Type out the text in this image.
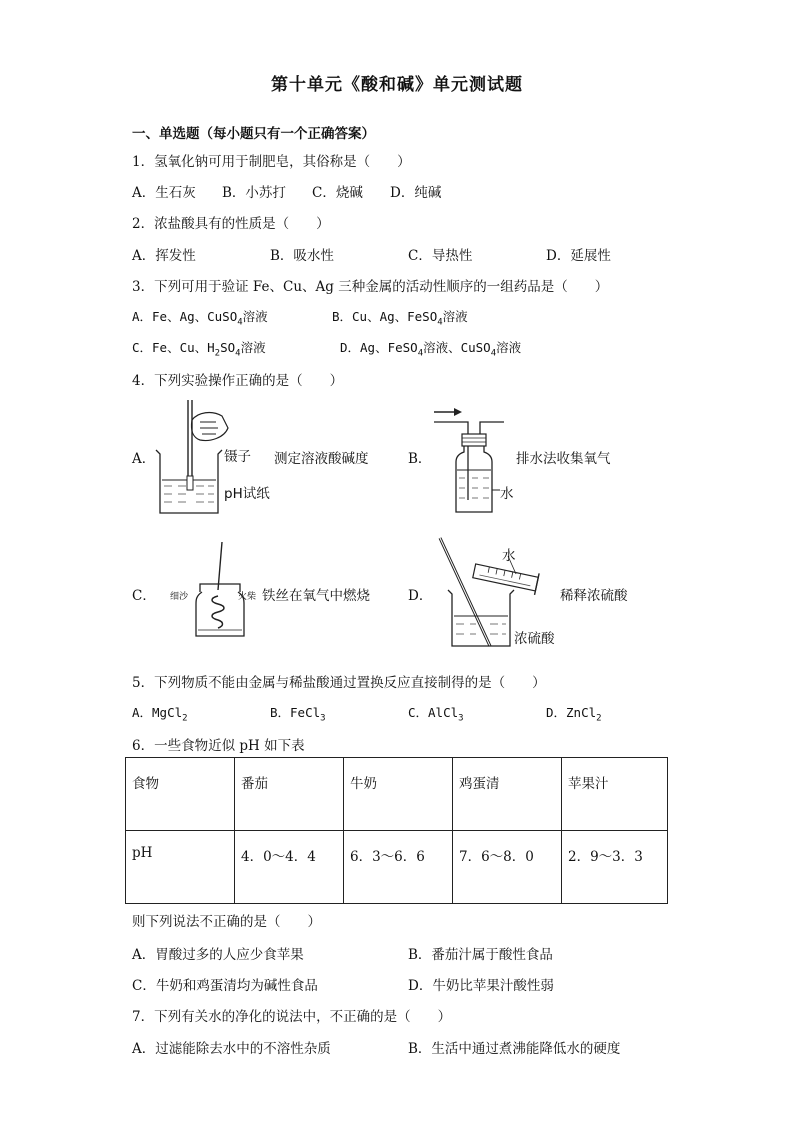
第十单元《酸和碱》单元测试题
一、单选题（每小题只有一个正确答案）
1．氢氧化钠可用于制肥皂，其俗称是（　　）
A．生石灰 B．小苏打 C．烧碱 D．纯碱
2．浓盐酸具有的性质是（　　）
A．挥发性	B．吸水性	C．导热性	D．延展性
3．下列可用于验证 Fe、Cu、Ag 三种金属的活动性顺序的一组药品是（　　）
A．Fe、Ag、CuSO$_4$溶液	B．Cu、Ag、FeSO$_4$溶液
C．Fe、Cu、$H_2SO_4$溶液	D．Ag、FeSO$_4$溶液、CuSO$_4$溶液
4．下列实验操作正确的是（　　）
A．	镊子
pH试纸
测定溶液酸碱度	B．
水
排水法收集氧气
C． 细沙	火柴 铁丝在氧气中燃烧	D．
水
浓硫酸
稀释浓硫酸
5．下列物质不能由金属与稀盐酸通过置换反应直接制得的是（　　）
A．MgCl$_2$	B．FeCl$_3$	C．AlCl$_3$	D．ZnCl$_2$
6．一些食物近似 pH 如下表
食物	番茄	牛奶	鸡蛋清	苹果汁
pH	4．0～4．4	6．3～6．6	7．6～8．0	2．9～3．3
则下列说法不正确的是（　　）
A．胃酸过多的人应少食苹果	B．番茄汁属于酸性食品
C．牛奶和鸡蛋清均为碱性食品	D．牛奶比苹果汁酸性弱
7．下列有关水的净化的说法中，不正确的是（　　）
A．过滤能除去水中的不溶性杂质	B．生活中通过煮沸能降低水的硬度
